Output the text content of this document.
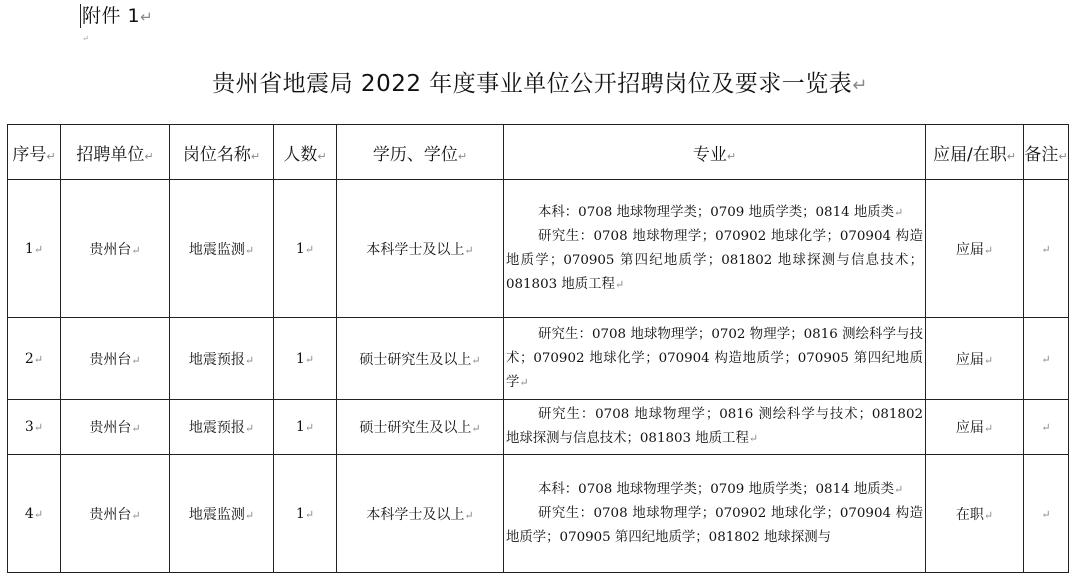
附件 1↵
↵
贵州省地震局 2022 年度事业单位公开招聘岗位及要求一览表↵
序号↵	招聘单位↵	岗位名称↵	人数↵	学历、学位↵	专业↵	应届/在职↵	备注↵
1↵	贵州台↵	地震监测↵	1↵	本科学士及以上↵	本科：0708 地球物理学类；0709 地质学类；0814 地质类↵

研究生：0708 地球物理学；070902 地球化学；070904 构造地质学；070905 第四纪地质学；081802 地球探测与信息技术；081803 地质工程↵	应届↵	↵
2↵	贵州台↵	地震预报↵	1↵	硕士研究生及以上↵	研究生：0708 地球物理学；0702 物理学；0816 测绘科学与技术；070902 地球化学；070904 构造地质学；070905 第四纪地质学↵	应届↵	↵
3↵	贵州台↵	地震预报↵	1↵	硕士研究生及以上↵	研究生：0708 地球物理学；0816 测绘科学与技术；081802 地球探测与信息技术；081803 地质工程↵	应届↵	↵
4↵	贵州台↵	地震监测↵	1↵	本科学士及以上↵	本科：0708 地球物理学类；0709 地质学类；0814 地质类↵

研究生：0708 地球物理学；070902 地球化学；070904 构造地质学；070905 第四纪地质学；081802 地球探测与	在职↵	↵
